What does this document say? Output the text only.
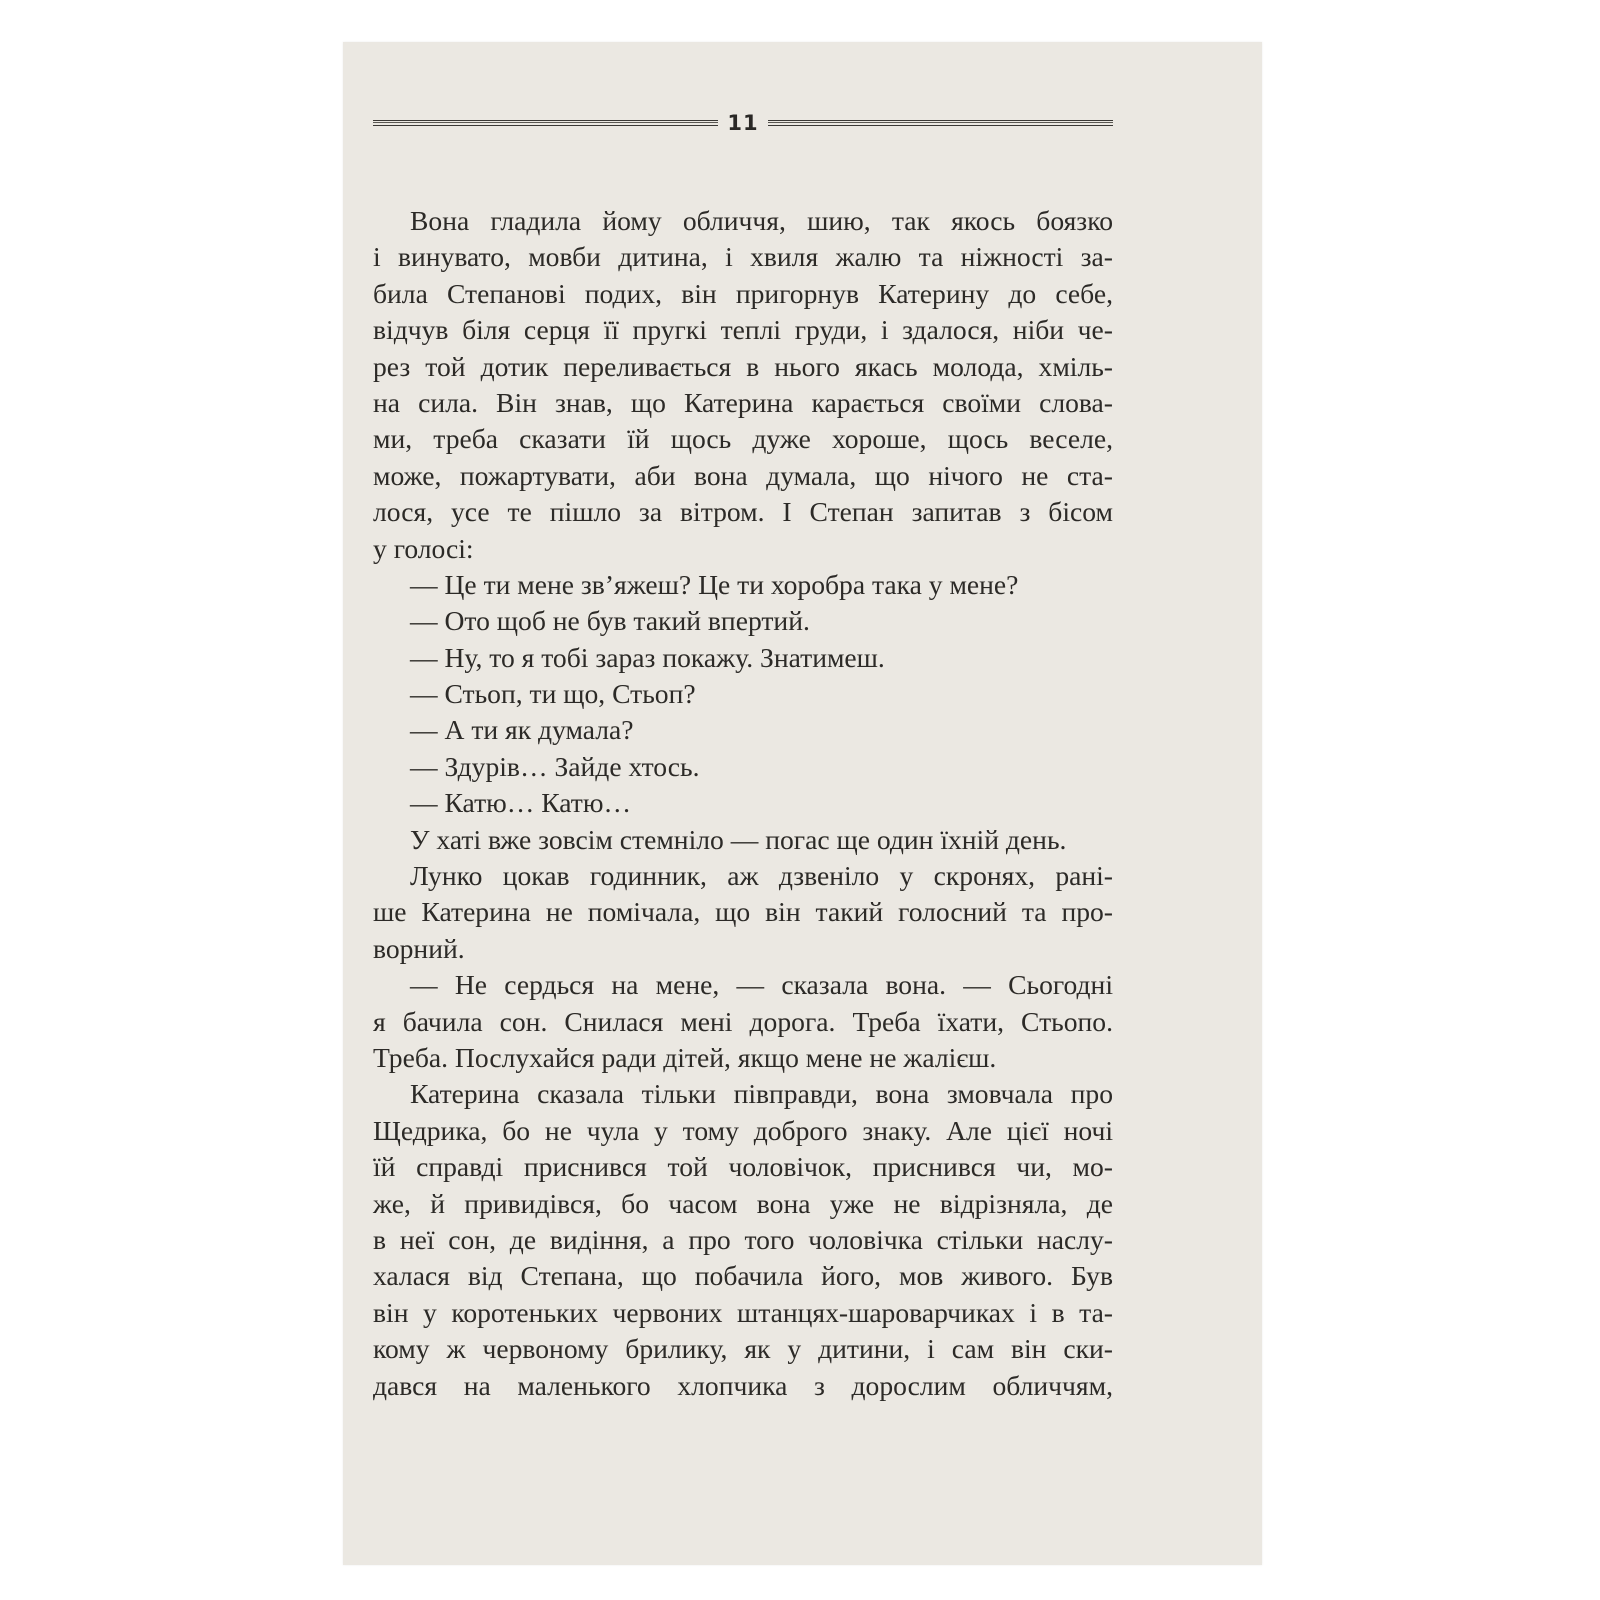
11
Вона гладила йому обличчя, шию, так якось боязко
і винувато, мовби дитина, і хвиля жалю та ніжності за-
била Степанові подих, він пригорнув Катерину до себе,
відчув біля серця її пругкі теплі груди, і здалося, ніби че-
рез той дотик переливається в нього якась молода, хміль-
на сила. Він знав, що Катерина карається своїми слова-
ми, треба сказати їй щось дуже хороше, щось веселе,
може, пожартувати, аби вона думала, що нічого не ста-
лося, усе те пішло за вітром. І Степан запитав з бісом
у голосі:
— Це ти мене зв’яжеш? Це ти хоробра така у мене?
— Ото щоб не був такий впертий.
— Ну, то я тобі зараз покажу. Знатимеш.
— Стьоп, ти що, Стьоп?
— А ти як думала?
— Здурів… Зайде хтось.
— Катю… Катю…
У хаті вже зовсім стемніло — погас ще один їхній день.
Лунко цокав годинник, аж дзвеніло у скронях, рані-
ше Катерина не помічала, що він такий голосний та про-
ворний.
— Не сердься на мене, — сказала вона. — Сьогодні
я бачила сон. Снилася мені дорога. Треба їхати, Стьопо.
Треба. Послухайся ради дітей, якщо мене не жалієш.
Катерина сказала тільки півправди, вона змовчала про
Щедрика, бо не чула у тому доброго знаку. Але цієї ночі
їй справді приснився той чоловічок, приснився чи, мо-
же, й привидівся, бо часом вона уже не відрізняла, де
в неї сон, де видіння, а про того чоловічка стільки наслу-
халася від Степана, що побачила його, мов живого. Був
він у коротеньких червоних штанцях-шароварчиках і в та-
кому ж червоному брилику, як у дитини, і сам він ски-
дався на маленького хлопчика з дорослим обличчям,
